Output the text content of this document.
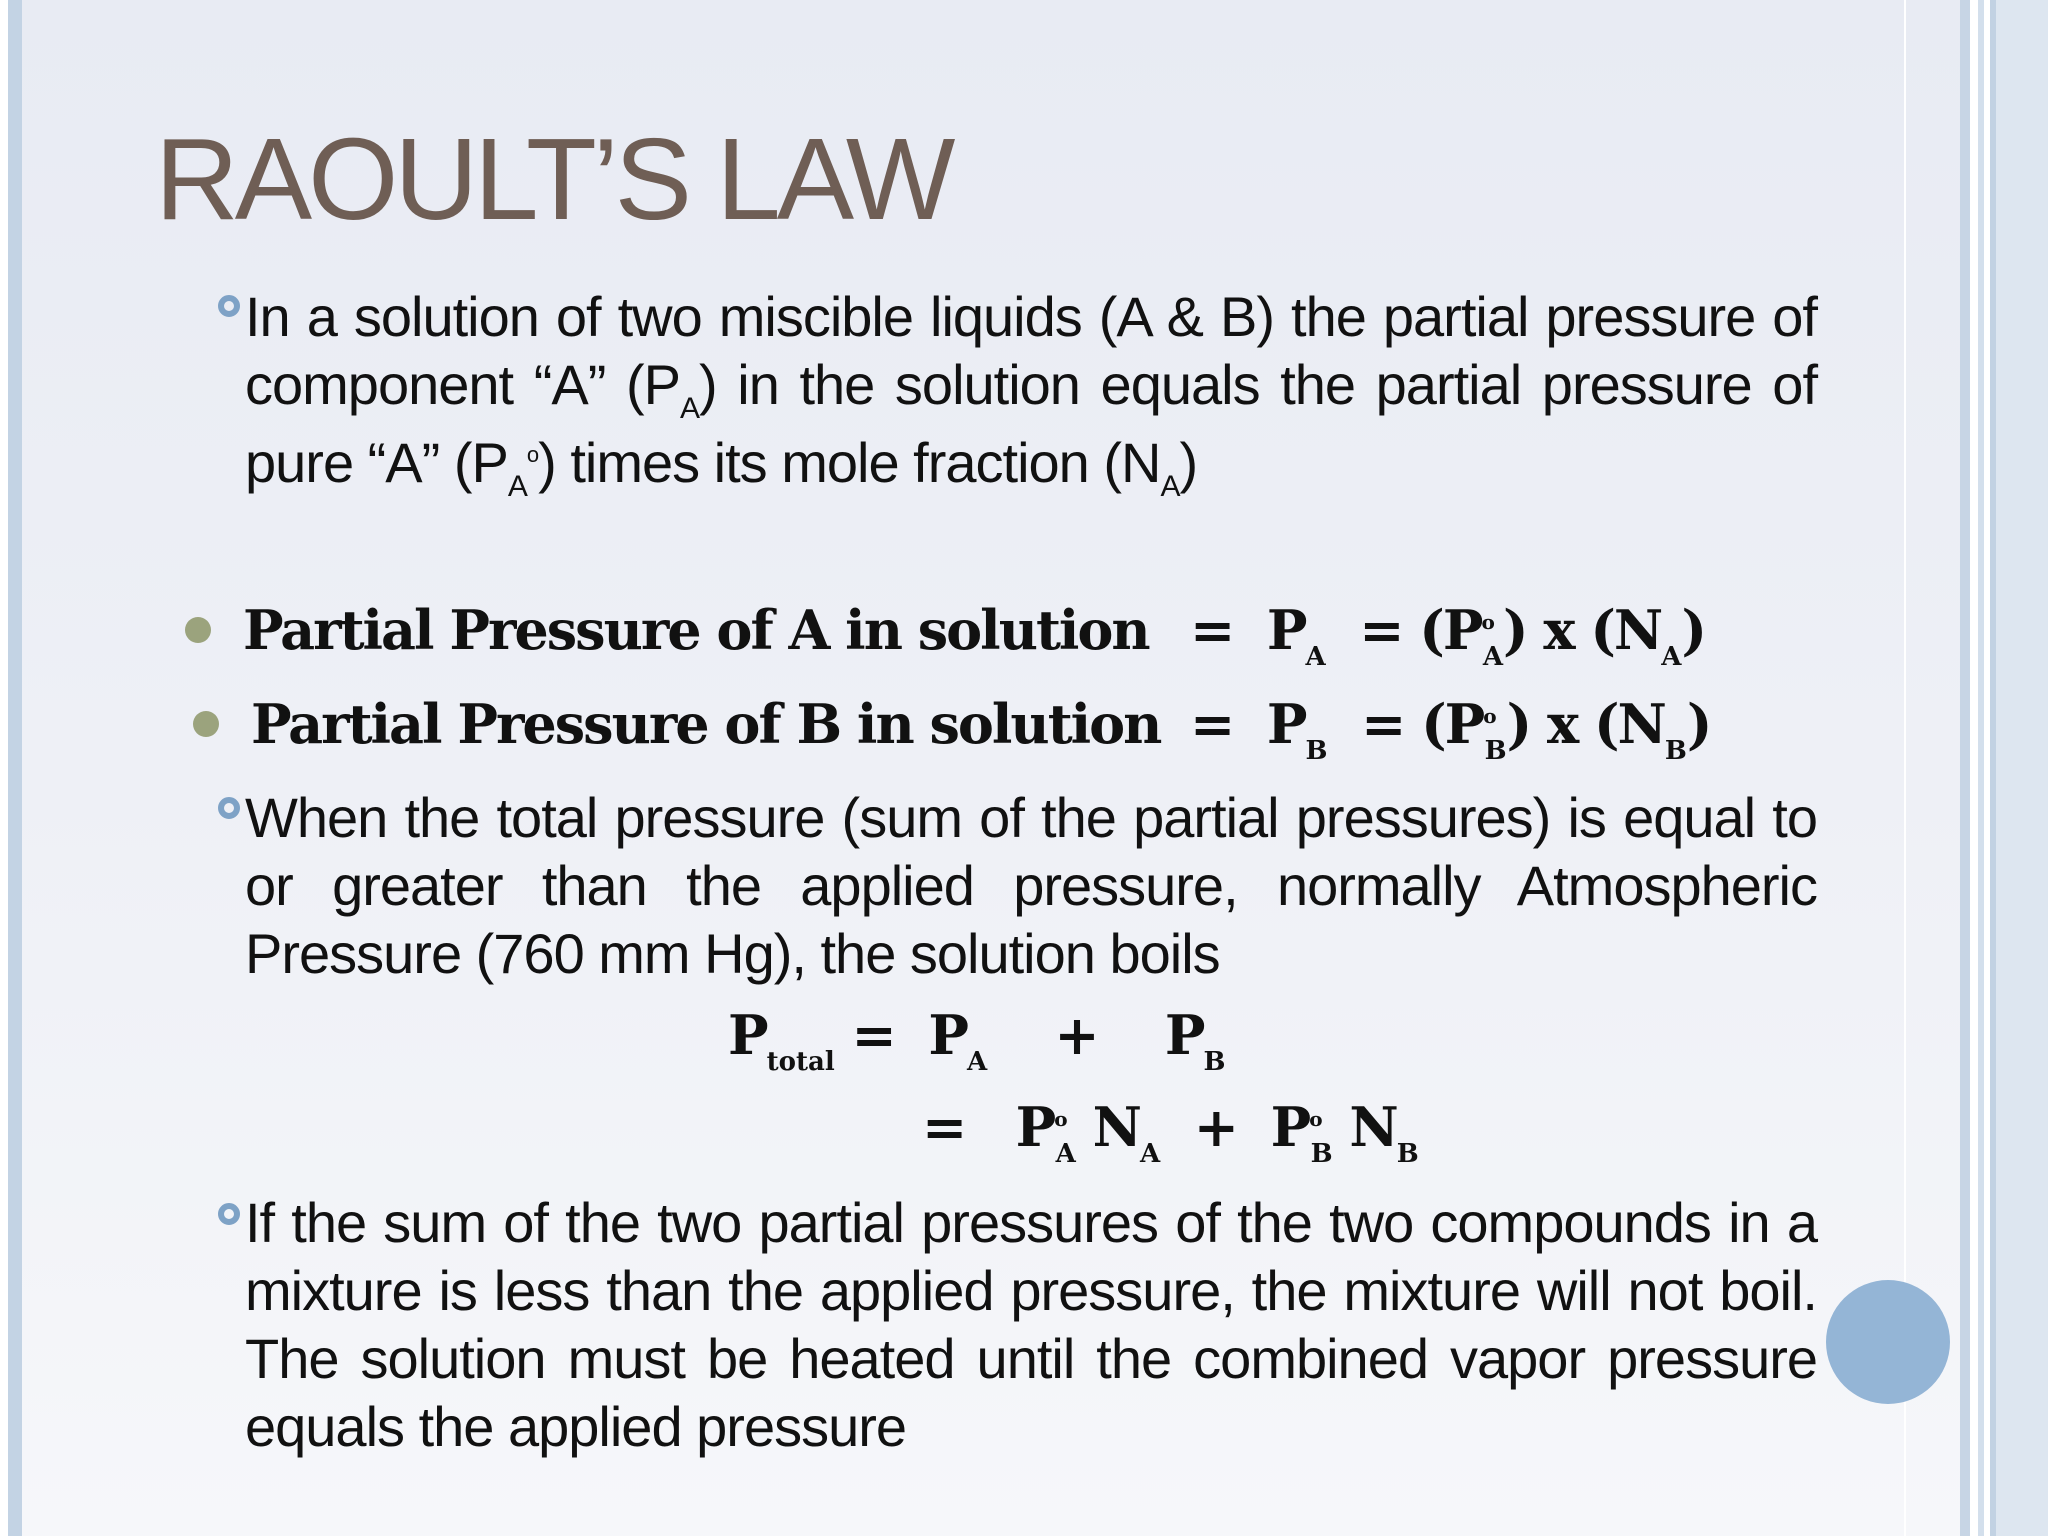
RAOULT’S LAW
In a solution of two miscible liquids (A & B) the partial pressure of component “A” $(P_A)$ in the solution equals the partial pressure of pure “A” $(P_A^o)$ times its mole fraction $(N_A)$
Partial Pressure of A in solution = $P_A = (P^o_A)$ x $(N_A)$
Partial Pressure of B in solution = $P_B = (P^o_B)$ x $(N_B)$
When the total pressure (sum of the partial pressures) is equal to or greater than the applied pressure, normally Atmospheric Pressure (760 mm Hg), the solution boils
$P_{total} = P_A + P_B$
= $P^o_A$ $N_A + P^o_B$ $N_B$
If the sum of the two partial pressures of the two compounds in a mixture is less than the applied pressure, the mixture will not boil. The solution must be heated until the combined vapor pressure equals the applied pressure
